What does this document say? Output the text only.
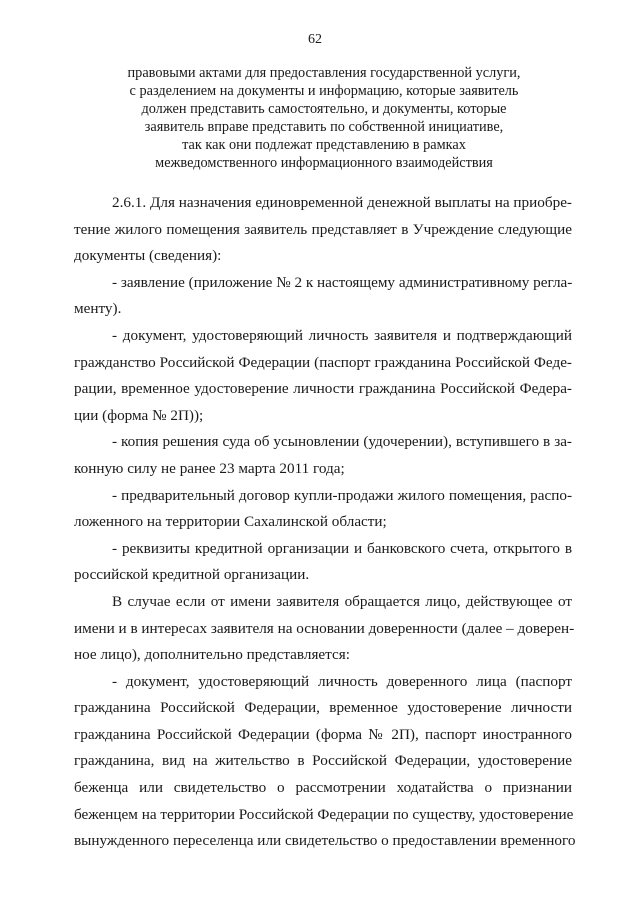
62
правовыми актами для предоставления государственной услуги,
с разделением на документы и информацию, которые заявитель
должен представить самостоятельно, и документы, которые
заявитель вправе представить по собственной инициативе,
так как они подлежат представлению в рамках
межведомственного информационного взаимодействия
2.6.1. Для назначения единовременной денежной выплаты на приобре-
тение жилого помещения заявитель представляет в Учреждение следующие
документы (сведения):
- заявление (приложение № 2 к настоящему административному регла-
менту).
- документ, удостоверяющий личность заявителя и подтверждающий
гражданство Российской Федерации (паспорт гражданина Российской Феде-
рации, временное удостоверение личности гражданина Российской Федера-
ции (форма № 2П));
- копия решения суда об усыновлении (удочерении), вступившего в за-
конную силу не ранее 23 марта 2011 года;
- предварительный договор купли-продажи жилого помещения, распо-
ложенного на территории Сахалинской области;
- реквизиты кредитной организации и банковского счета, открытого в
российской кредитной организации.
В случае если от имени заявителя обращается лицо, действующее от
имени и в интересах заявителя на основании доверенности (далее – доверен-
ное лицо), дополнительно представляется:
- документ, удостоверяющий личность доверенного лица (паспорт
гражданина Российской Федерации, временное удостоверение личности
гражданина Российской Федерации (форма № 2П), паспорт иностранного
гражданина, вид на жительство в Российской Федерации, удостоверение
беженца или свидетельство о рассмотрении ходатайства о признании
беженцем на территории Российской Федерации по существу, удостоверение
вынужденного переселенца или свидетельство о предоставлении временного
